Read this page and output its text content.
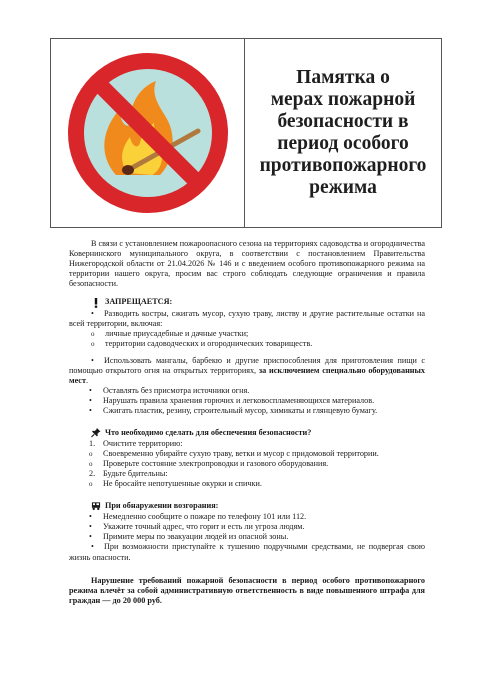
Памятка о
мерах пожарной
безопасности в
период особого
противопожарного
режима

В связи с установлением пожароопасного сезона на территориях садоводства и огородничества Ковернинского муниципального округа, в соответствии с постановлением Правительства Нижегородской области от 21.04.2026 № 146 и с введением особого противопожарного режима на территории нашего округа, просим вас строго соблюдать следующие ограничения и правила безопасности.

ЗАПРЕЩАЕТСЯ:

• Разводить костры, сжигать мусор, сухую траву, листву и другие растительные остатки на всей территории, включая:

o	личные приусадебные и дачные участки;
o	территории садоводческих и огороднических товариществ.

• Использовать мангалы, барбекю и другие приспособления для приготовления пищи с помощью открытого огня на открытых территориях, за исключением специально оборудованных мест.

•	Оставлять без присмотра источники огня.
•	Нарушать правила хранения горючих и легковоспламеняющихся материалов.
•	Сжигать пластик, резину, строительный мусор, химикаты и глянцевую бумагу.
Что необходимо сделать для обеспечения безопасности?
1. Очистите территорию:
o	Своевременно убирайте сухую траву, ветки и мусор с придомовой территории.
o	Проверьте состояние электропроводки и газового оборудования.
2. Будьте бдительны:
o	Не бросайте непотушенные окурки и спички.
При обнаружении возгорания:
•	Немедленно сообщите о пожаре по телефону 101 или 112.
•	Укажите точный адрес, что горит и есть ли угроза людям.
•	Примите меры по эвакуации людей из опасной зоны.

• При возможности приступайте к тушению подручными средствами, не подвергая свою жизнь опасности.

Нарушение требований пожарной безопасности в период особого противопожарного режима влечёт за собой административную ответственность в виде повышенного штрафа для граждан — до 20 000 руб.
